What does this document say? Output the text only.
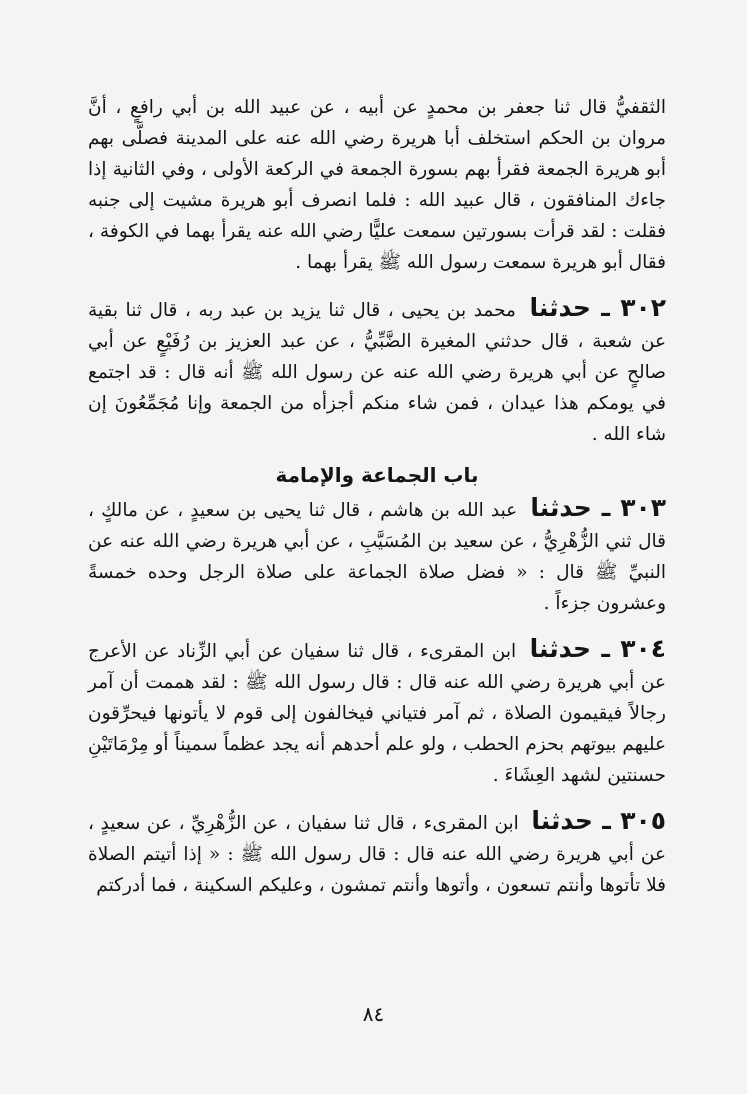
الثقفيُّ قال ثنا جعفر بن محمدٍ عن أبيه ، عن عبيد الله بن أبي رافعٍ ، أنَّ مروان بن الحكم استخلف أبا هريرة رضي الله عنه على المدينة فصلَّى بهم أبو هريرة الجمعة فقرأ بهم بسورة الجمعة في الركعة الأولى ، وفي الثانية إذا جاءك المنافقون ، قال عبيد الله : فلما انصرف أبو هريرة مشيت إلى جنبه فقلت : لقد قرأت بسورتين سمعت عليًّا رضي الله عنه يقرأ بهما في الكوفة ، فقال أبو هريرة سمعت رسول الله ﷺ يقرأ بهما .

٣٠٢ ـ حدثنا محمد بن يحيى ، قال ثنا يزيد بن عبد ربه ، قال ثنا بقية عن شعبة ، قال حدثني المغيرة الضَّبِّيُّ ، عن عبد العزيز بن رُفَيْعٍ عن أبي صالحٍ عن أبي هريرة رضي الله عنه عن رسول الله ﷺ أنه قال : قد اجتمع في يومكم هذا عيدان ، فمن شاء منكم أجزأه من الجمعة وإنا مُجَمِّعُونَ إن شاء الله .

باب الجماعة والإمامة

٣٠٣ ـ حدثنا عبد الله بن هاشم ، قال ثنا يحيى بن سعيدٍ ، عن مالكٍ ، قال ثني الزُّهْرِيُّ ، عن سعيد بن المُسَيَّبِ ، عن أبي هريرة رضي الله عنه عن النبيِّ ﷺ قال : « فضل صلاة الجماعة على صلاة الرجل وحده خمسةً وعشرون جزءاً .

٣٠٤ ـ حدثنا ابن المقرىء ، قال ثنا سفيان عن أبي الزِّناد عن الأعرج عن أبي هريرة رضي الله عنه قال : قال رسول الله ﷺ : لقد هممت أن آمر رجالاً فيقيمون الصلاة ، ثم آمر فتياني فيخالفون إلى قوم لا يأتونها فيحرِّقون عليهم بيوتهم بحزم الحطب ، ولو علم أحدهم أنه يجد عظماً سميناً أو مِرْمَاتَيْنِ حسنتين لشهد العِشَاءَ .

٣٠٥ ـ حدثنا ابن المقرىء ، قال ثنا سفيان ، عن الزُّهْرِيِّ ، عن سعيدٍ ، عن أبي هريرة رضي الله عنه قال : قال رسول الله ﷺ : « إذا أتيتم الصلاة فلا تأتوها وأنتم تسعون ، وأتوها وأنتم تمشون ، وعليكم السكينة ، فما أدركتم

٨٤
